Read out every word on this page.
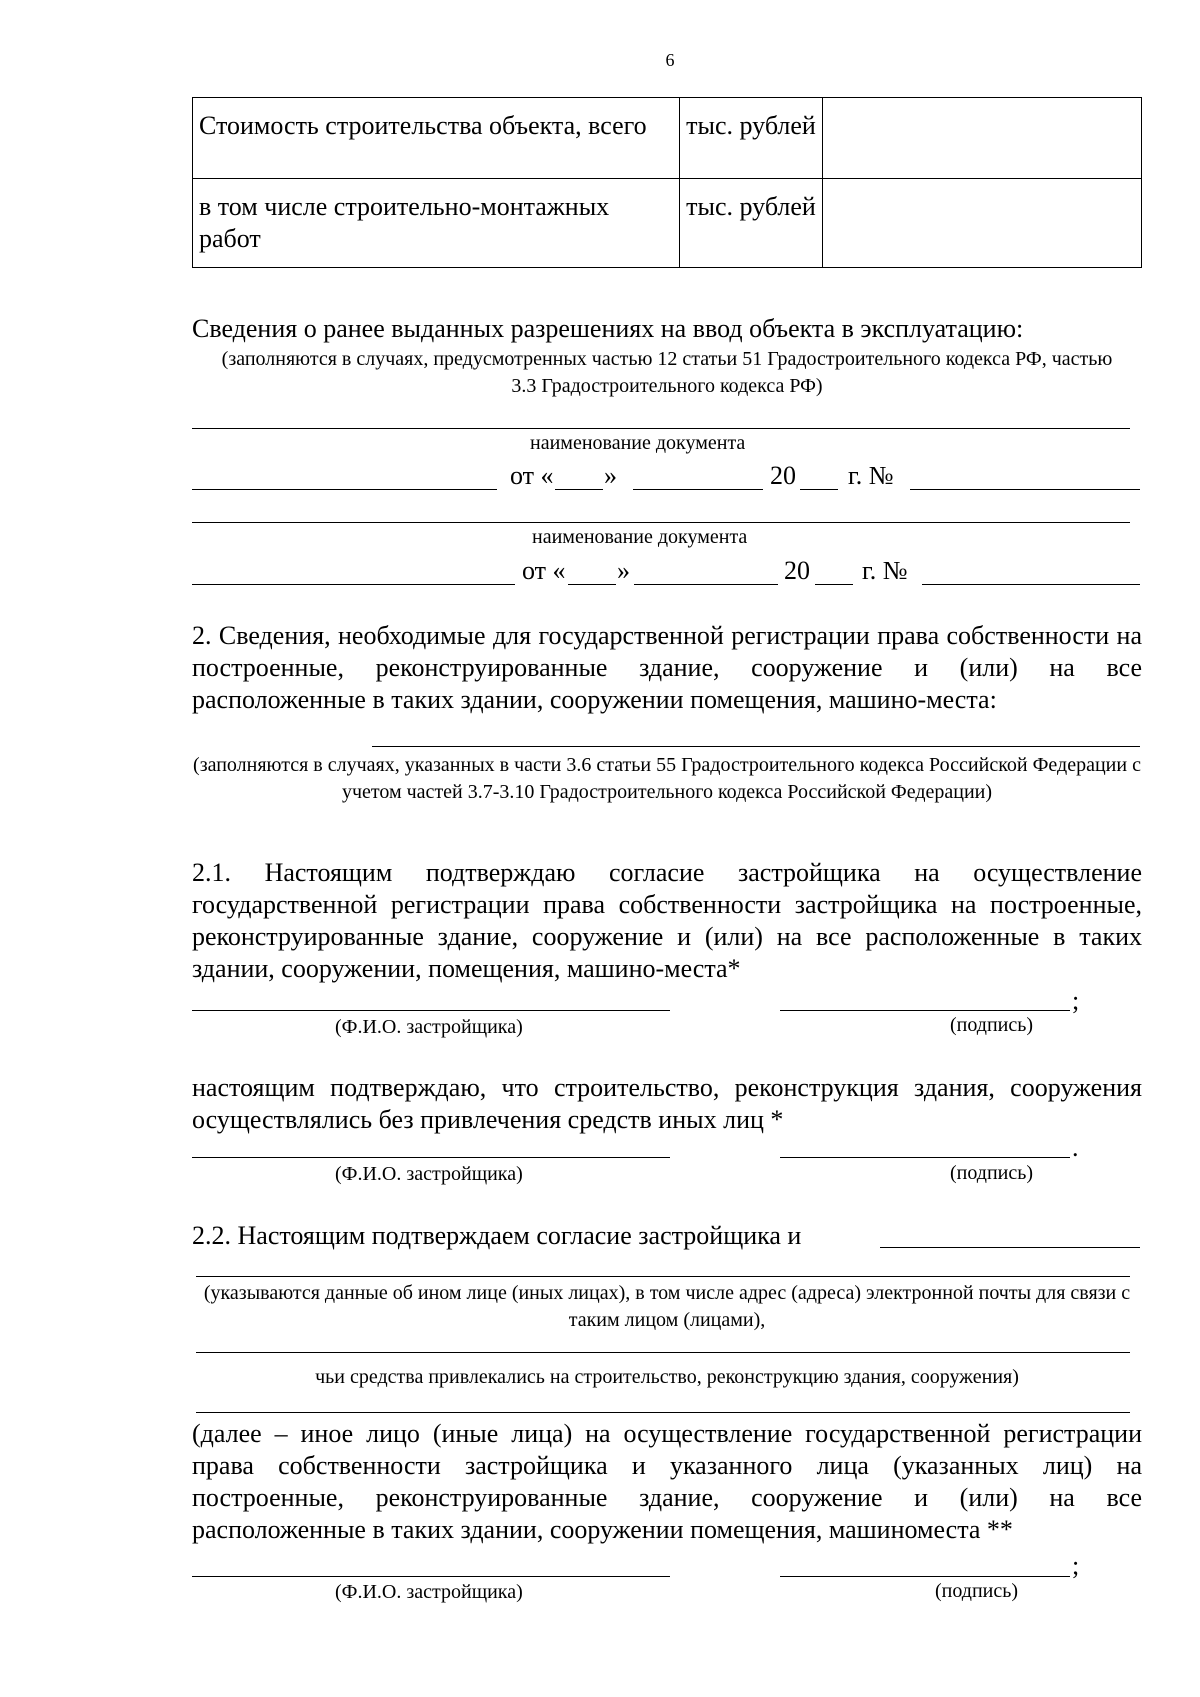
6
Стоимость строительства объекта, всего	тыс. рублей	
в том числе строительно-монтажных работ	тыс. рублей	
Сведения о ранее выданных разрешениях на ввод объекта в эксплуатацию:
(заполняются в случаях, предусмотренных частью 12 статьи 51 Градостроительного кодекса РФ, частью 3.3 Градостроительного кодекса РФ)
наименование документа
от « »	20 г. №
наименование документа
от « »	20 г. №
2. Сведения, необходимые для государственной регистрации права собственности на построенные, реконструированные здание, сооружение и (или) на все расположенные в таких здании, сооружении помещения, машино-места:
(заполняются в случаях, указанных в части 3.6 статьи 55 Градостроительного кодекса Российской Федерации с учетом частей 3.7-3.10 Градостроительного кодекса Российской Федерации)
2.1. Настоящим подтверждаю согласие застройщика на осуществление государственной регистрации права собственности застройщика на построенные, реконструированные здание, сооружение и (или) на все расположенные в таких здании, сооружении, помещения, машино-места*
;
(Ф.И.О. застройщика)	(подпись)
настоящим подтверждаю, что строительство, реконструкция здания, сооружения осуществлялись без привлечения средств иных лиц *
.
(Ф.И.О. застройщика)	(подпись)
2.2. Настоящим подтверждаем согласие застройщика и
(указываются данные об ином лице (иных лицах), в том числе адрес (адреса) электронной почты для связи с таким лицом (лицами),
чьи средства привлекались на строительство, реконструкцию здания, сооружения)
(далее – иное лицо (иные лица) на осуществление государственной регистрации права собственности застройщика и указанного лица (указанных лиц) на построенные, реконструированные здание, сооружение и (или) на все расположенные в таких здании, сооружении помещения, машиноместа **
;
(Ф.И.О. застройщика)	(подпись)
